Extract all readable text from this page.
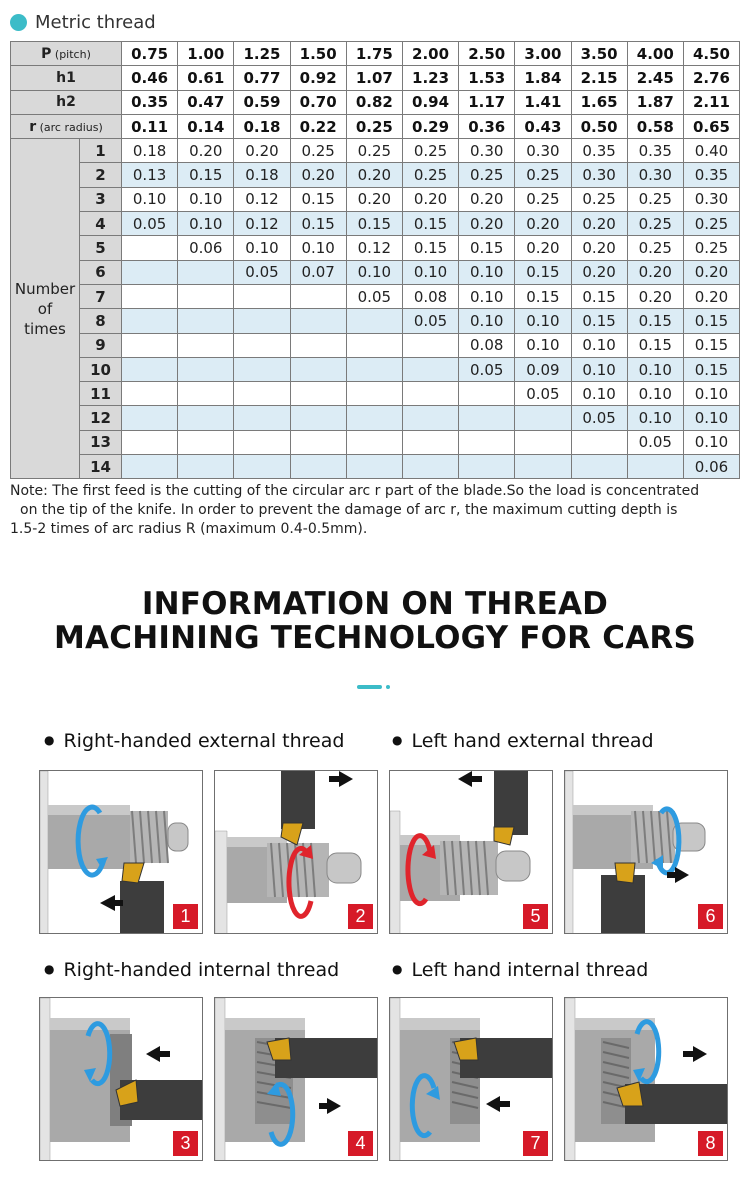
Metric thread
P (pitch)		0.75	1.00	1.25	1.50	1.75	2.00	2.50	3.00	3.50	4.00	4.50
h1		0.46	0.61	0.77	0.92	1.07	1.23	1.53	1.84	2.15	2.45	2.76
h2		0.35	0.47	0.59	0.70	0.82	0.94	1.17	1.41	1.65	1.87	2.11
r (arc radius)		0.11	0.14	0.18	0.22	0.25	0.29	0.36	0.43	0.50	0.58	0.65

Number
of
times	1	0.18	0.20	0.20	0.25	0.25	0.25	0.30	0.30	0.35	0.35	0.40
	2	0.13	0.15	0.18	0.20	0.20	0.25	0.25	0.25	0.30	0.30	0.35
	3	0.10	0.10	0.12	0.15	0.20	0.20	0.20	0.25	0.25	0.25	0.30
	4	0.05	0.10	0.12	0.15	0.15	0.15	0.20	0.20	0.20	0.25	0.25
	5		0.06	0.10	0.10	0.12	0.15	0.15	0.20	0.20	0.25	0.25
	6			0.05	0.07	0.10	0.10	0.10	0.15	0.20	0.20	0.20
	7					0.05	0.08	0.10	0.15	0.15	0.20	0.20
	8						0.05	0.10	0.10	0.15	0.15	0.15
	9							0.08	0.10	0.10	0.15	0.15
	10							0.05	0.09	0.10	0.10	0.15
	11								0.05	0.10	0.10	0.10
	12									0.05	0.10	0.10
	13										0.05	0.10
	14											0.06

Note: The first feed is the cutting of the circular arc r part of the blade.So the load is concentrated

on the tip of the knife. In order to prevent the damage of arc r, the maximum cutting depth is

1.5-2 times of arc radius R (maximum 0.4-0.5mm).

INFORMATION ON THREAD
MACHINING TECHNOLOGY FOR CARS
● Right-handed external thread	● Left hand external thread
● Right-handed internal thread	● Left hand internal thread
1	2	5	6
3	4	7	8
